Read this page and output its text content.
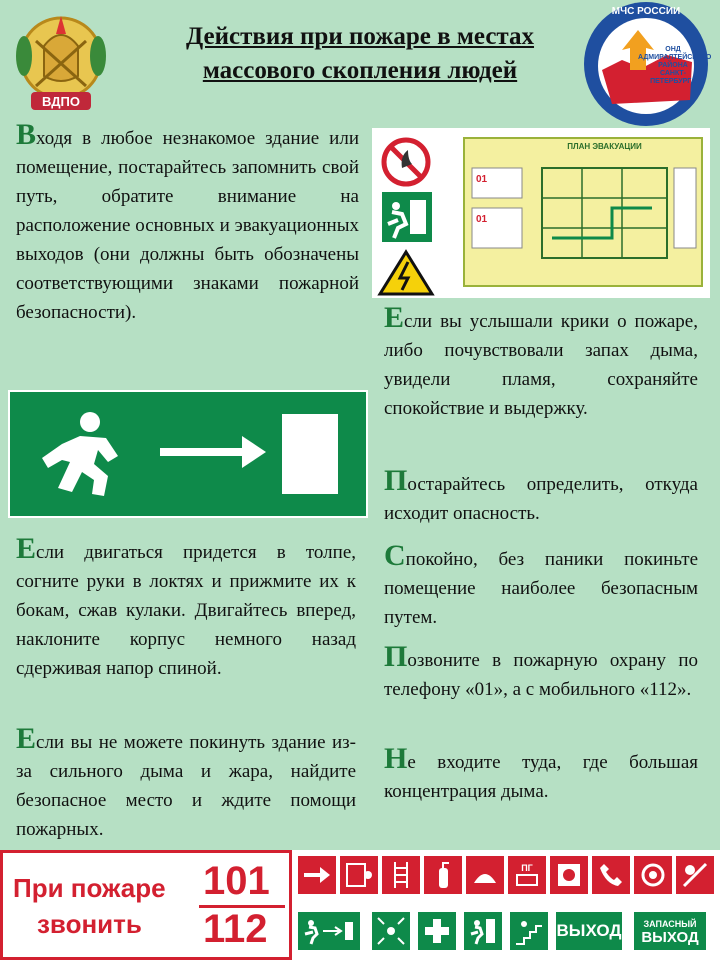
Действия при пожаре в местах
массового скопления людей
ВДПО
МЧС РОССИИ
ОНД
АДМИРАЛТЕЙСКОГО
РАЙОНА
САНКТ-ПЕТЕРБУРГА
ПЛАН ЭВАКУАЦИИ
01
01
Входя в любое незнакомое здание или помещение, постарайтесь запомнить свой путь, обратите внимание на расположение основных и эвакуационных выходов (они должны быть обозначены соответствующими знаками пожарной безопасности).	Если вы услышали крики о пожаре, либо почувствовали запах дыма, увидели пламя, сохраняйте спокойствие и выдержку.
Постарайтесь определить, откуда исходит опасность.
Спокойно, без паники покиньте помещение наиболее безопасным путем.
Позвоните в пожарную охрану по телефону «01», а с мобильного «112».
Не входите туда, где большая концентрация дыма.
Если двигаться придется в толпе, согните руки в локтях и прижмите их к бокам, сжав кулаки. Двигайтесь вперед, наклоните корпус немного назад сдерживая напор спиной.
Если вы не можете покинуть здание из-за сильного дыма и жара, найдите безопасное место и ждите помощи пожарных.
При пожаре
звонить
101
112
ПГ
ВЫХОД ЗАПАСНЫЙ
ВЫХОД
